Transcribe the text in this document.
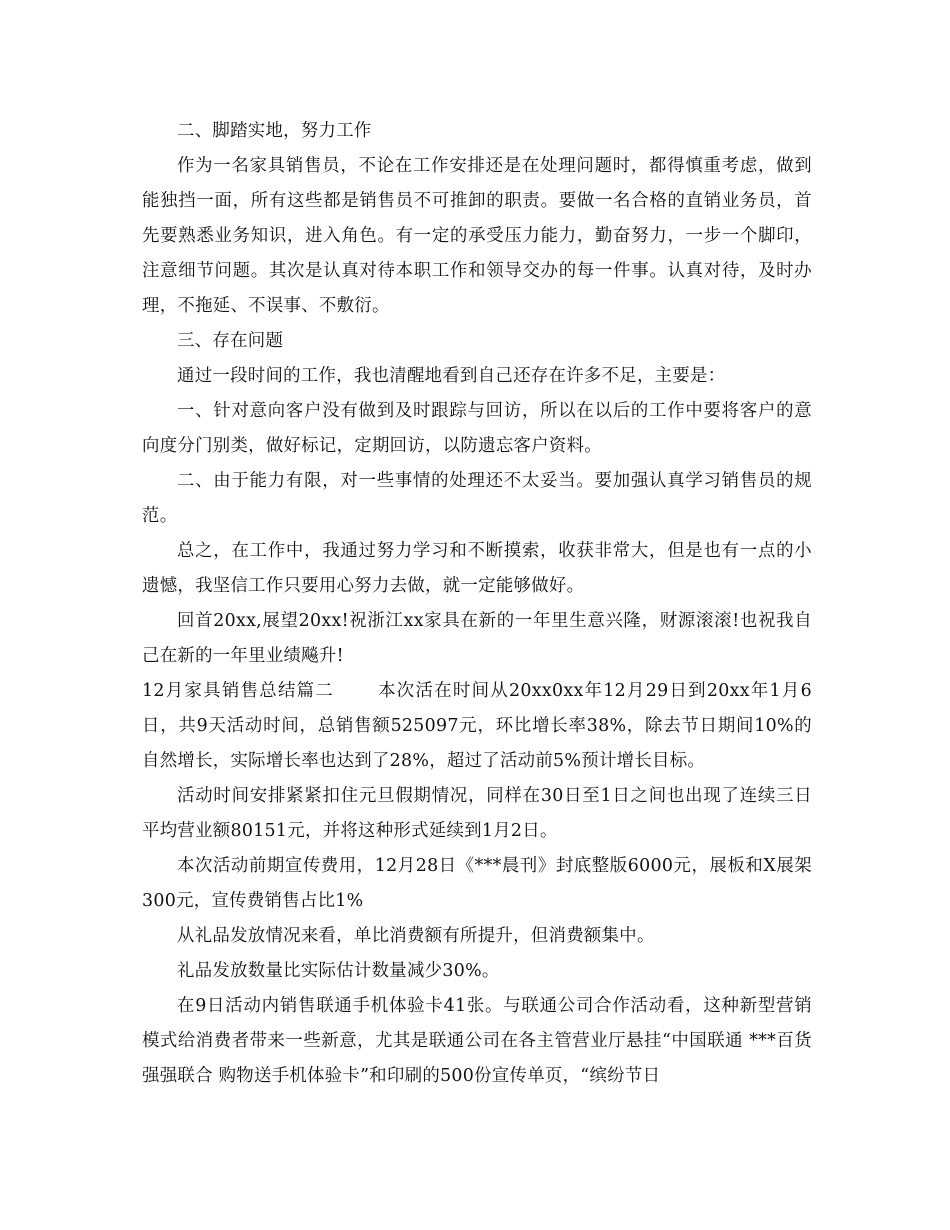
二、脚踏实地，努力工作

作为一名家具销售员，不论在工作安排还是在处理问题时，都得慎重考虑，做到能独挡一面，所有这些都是销售员不可推卸的职责。要做一名合格的直销业务员，首先要熟悉业务知识，进入角色。有一定的承受压力能力，勤奋努力，一步一个脚印，注意细节问题。其次是认真对待本职工作和领导交办的每一件事。认真对待，及时办理，不拖延、不误事、不敷衍。

三、存在问题

通过一段时间的工作，我也清醒地看到自己还存在许多不足，主要是：

一、针对意向客户没有做到及时跟踪与回访，所以在以后的工作中要将客户的意向度分门别类，做好标记，定期回访，以防遗忘客户资料。

二、由于能力有限，对一些事情的处理还不太妥当。要加强认真学习销售员的规范。

总之，在工作中，我通过努力学习和不断摸索，收获非常大，但是也有一点的小遗憾，我坚信工作只要用心努力去做，就一定能够做好。

回首20xx,展望20xx!祝浙江xx家具在新的一年里生意兴隆，财源滚滚!也祝我自己在新的一年里业绩飚升!

12月家具销售总结篇二	本次活在时间从20xx0xx年12月29日到20xx年1月6日，共9天活动时间，总销售额525097元，环比增长率38%，除去节日期间10%的自然增长，实际增长率也达到了28%，超过了活动前5%预计增长目标。

活动时间安排紧紧扣住元旦假期情况，同样在30日至1日之间也出现了连续三日平均营业额80151元，并将这种形式延续到1月2日。

本次活动前期宣传费用，12月28日《***晨刊》封底整版6000元，展板和X展架300元，宣传费销售占比1%

从礼品发放情况来看，单比消费额有所提升，但消费额集中。

礼品发放数量比实际估计数量减少30%。

在9日活动内销售联通手机体验卡41张。与联通公司合作活动看，这种新型营销模式给消费者带来一些新意，尤其是联通公司在各主管营业厅悬挂“中国联通 ***百货 强强联合 购物送手机体验卡”和印刷的500份宣传单页，“缤纷节日
